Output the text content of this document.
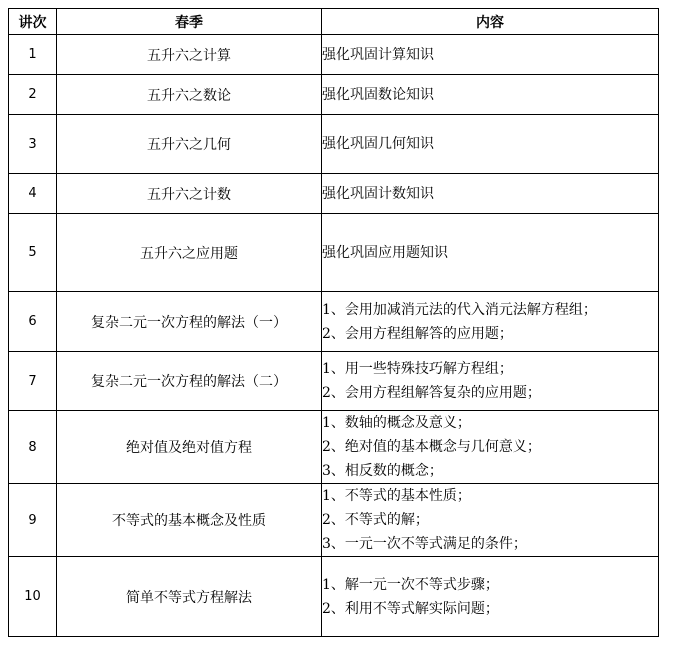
讲次	春季	内容
1	五升六之计算	强化巩固计算知识

2	五升六之数论	强化巩固数论知识

3	五升六之几何	强化巩固几何知识

4	五升六之计数	强化巩固计数知识

5	五升六之应用题	强化巩固应用题知识

6	复杂二元一次方程的解法（一）	1、会用加减消元法的代入消元法解方程组；
2、会用方程组解答的应用题；

7	复杂二元一次方程的解法（二）	1、用一些特殊技巧解方程组；
2、会用方程组解答复杂的应用题；

8	绝对值及绝对值方程	1、数轴的概念及意义；
2、绝对值的基本概念与几何意义；
3、相反数的概念；

9	不等式的基本概念及性质	1、不等式的基本性质；
2、不等式的解；
3、一元一次不等式满足的条件；

10	简单不等式方程解法	1、解一元一次不等式步骤；
2、利用不等式解实际问题；
